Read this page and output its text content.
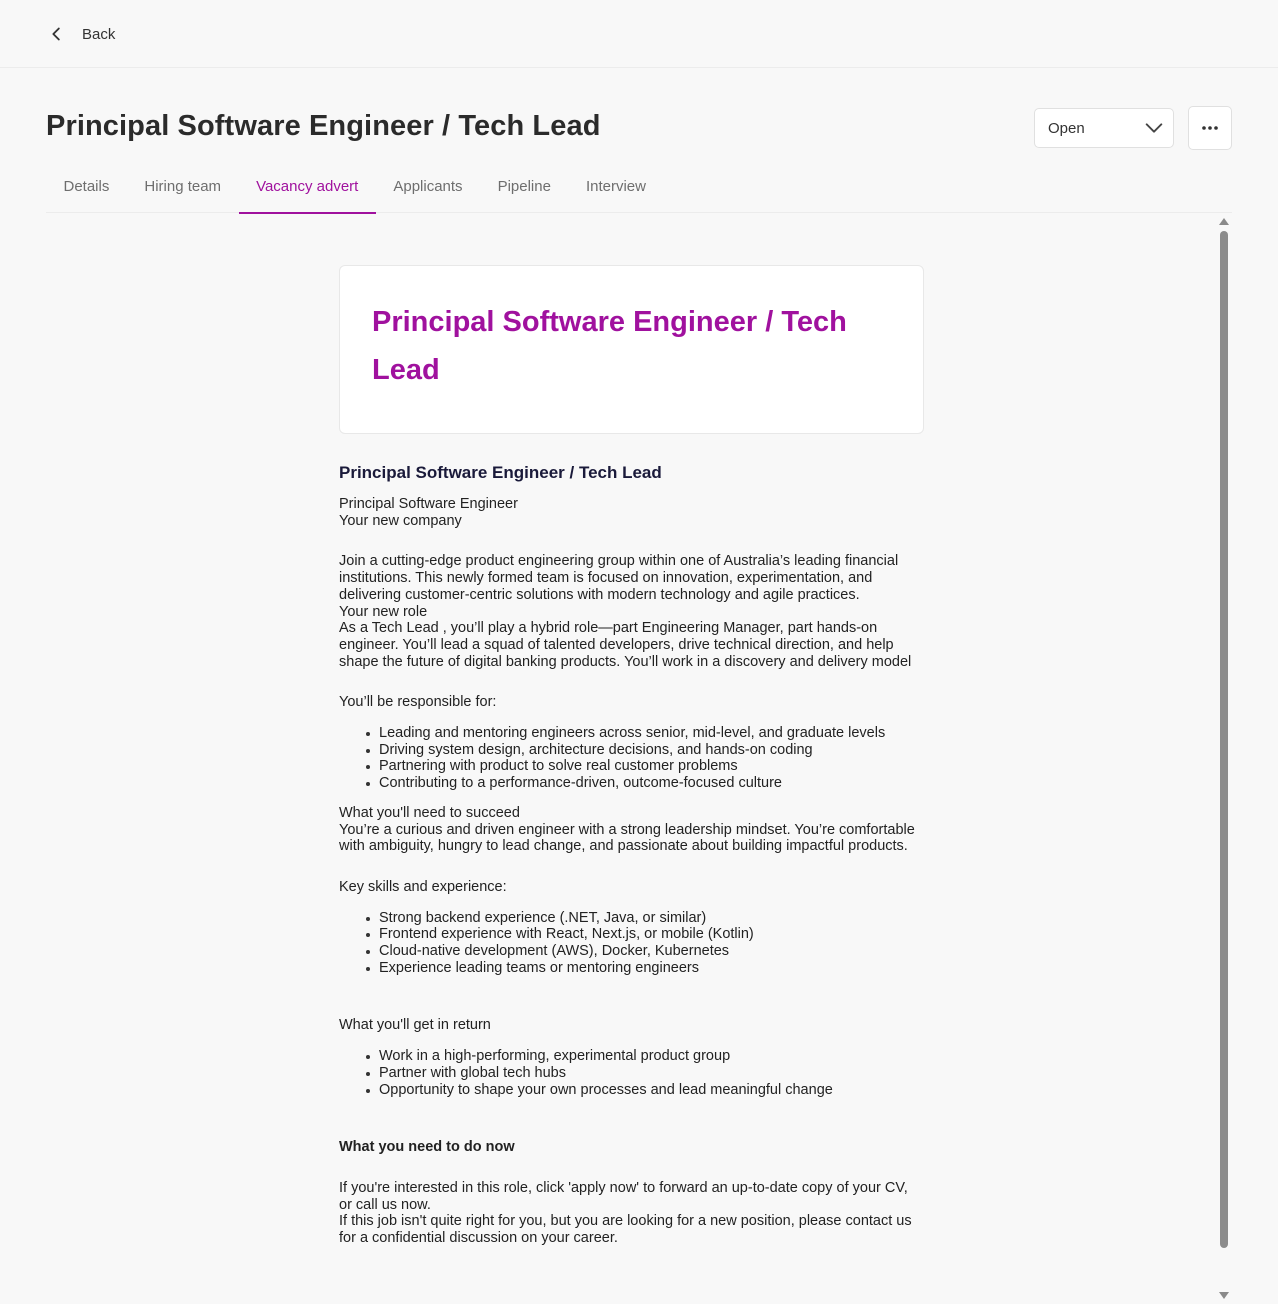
Back
Principal Software Engineer / Tech Lead	Open
Details	Hiring team	Vacancy advert	Applicants	Pipeline	Interview
Principal Software Engineer / Tech Lead
Principal Software Engineer / Tech Lead
Principal Software Engineer
Your new company
Join a cutting-edge product engineering group within one of Australia’s leading financial institutions. This newly formed team is focused on innovation, experimentation, and delivering customer-centric solutions with modern technology and agile practices.
Your new role
As a Tech Lead , you’ll play a hybrid role—part Engineering Manager, part hands-on engineer. You’ll lead a squad of talented developers, drive technical direction, and help shape the future of digital banking products. You’ll work in a discovery and delivery model
You’ll be responsible for:
Leading and mentoring engineers across senior, mid-level, and graduate levels
Driving system design, architecture decisions, and hands-on coding
Partnering with product to solve real customer problems
Contributing to a performance-driven, outcome-focused culture
What you'll need to succeed
You’re a curious and driven engineer with a strong leadership mindset. You’re comfortable with ambiguity, hungry to lead change, and passionate about building impactful products.
Key skills and experience:
Strong backend experience (.NET, Java, or similar)
Frontend experience with React, Next.js, or mobile (Kotlin)
Cloud-native development (AWS), Docker, Kubernetes
Experience leading teams or mentoring engineers
What you'll get in return
Work in a high-performing, experimental product group
Partner with global tech hubs
Opportunity to shape your own processes and lead meaningful change
What you need to do now
If you're interested in this role, click 'apply now' to forward an up-to-date copy of your CV, or call us now.
If this job isn't quite right for you, but you are looking for a new position, please contact us for a confidential discussion on your career.
